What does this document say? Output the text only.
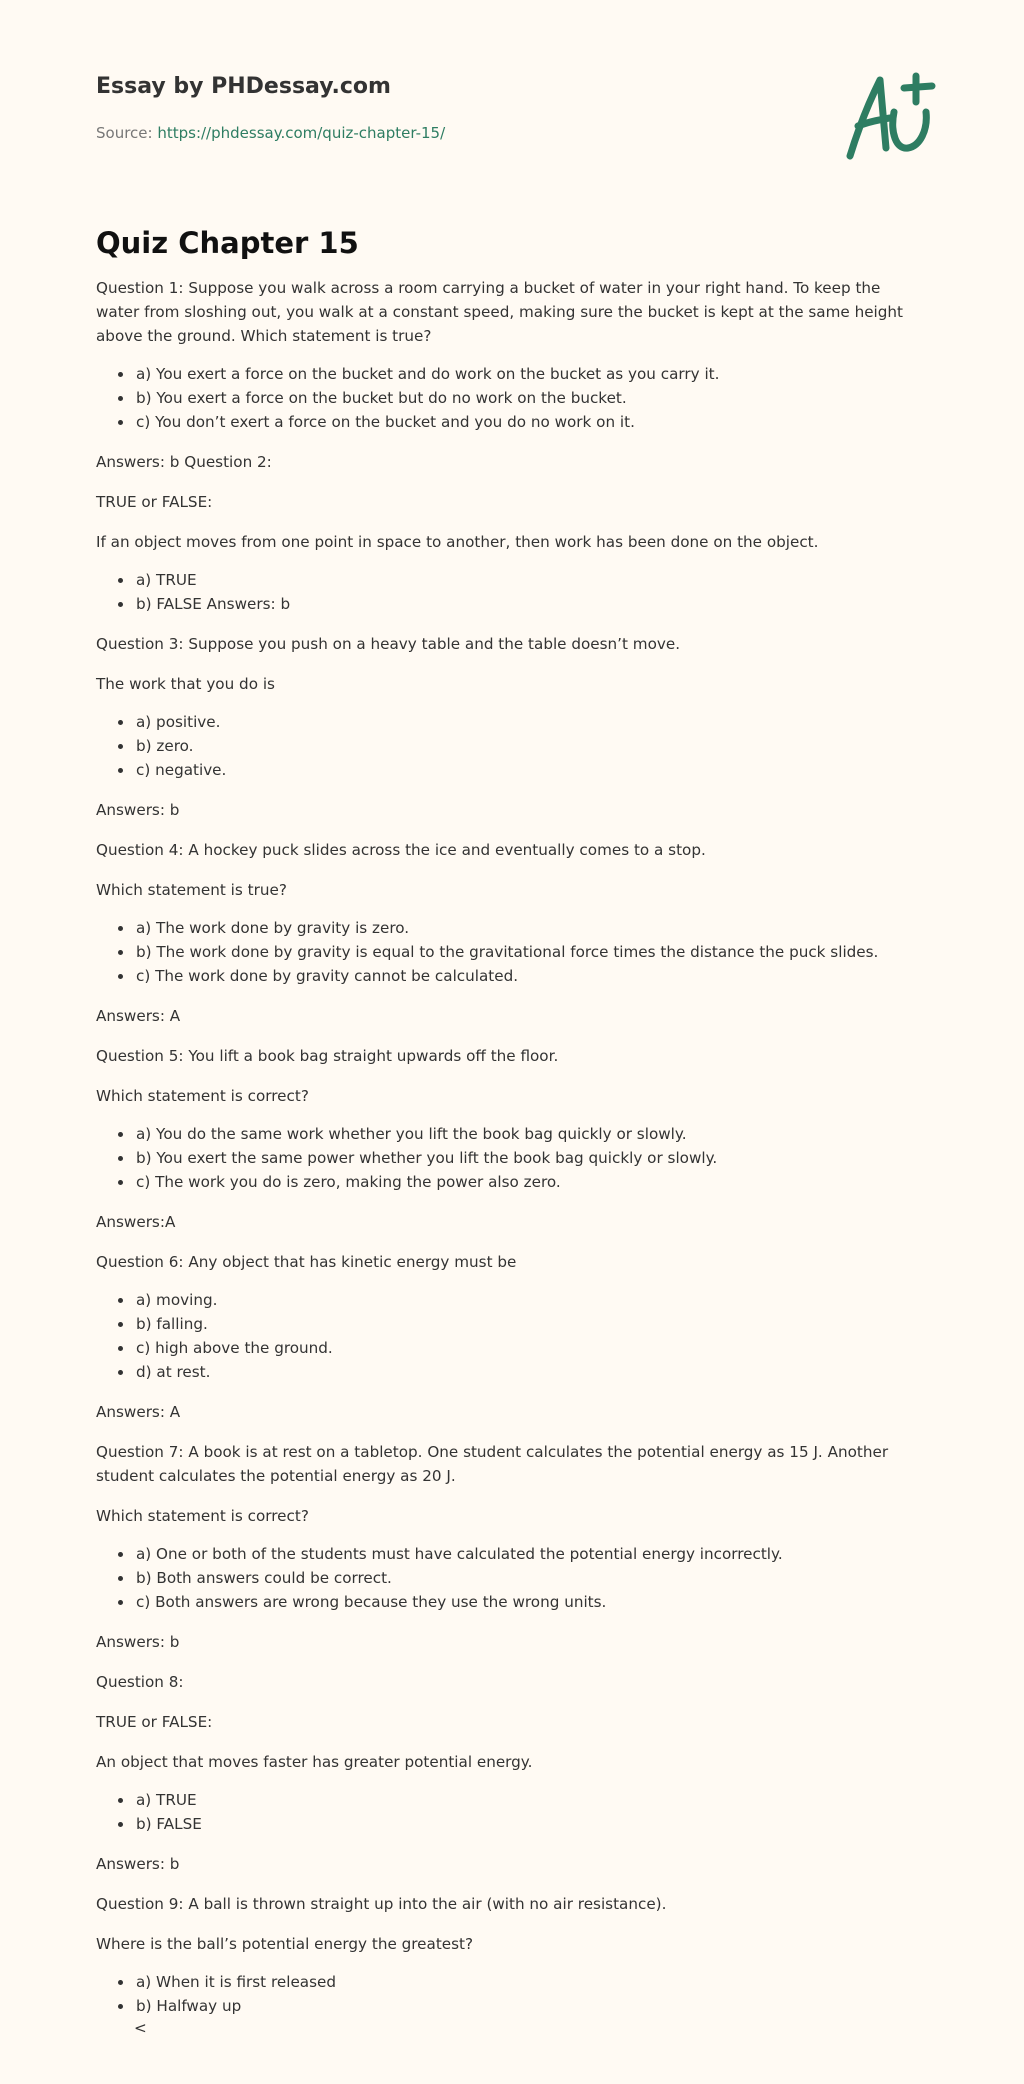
Essay by PHDessay.com
Source: https://phdessay.com/quiz-chapter-15/
Quiz Chapter 15

Question 1: Suppose you walk across a room carrying a bucket of water in your right hand. To keep the water from sloshing out, you walk at a constant speed, making sure the bucket is kept at the same height above the ground. Which statement is true?

• a) You exert a force on the bucket and do work on the bucket as you carry it.
• b) You exert a force on the bucket but do no work on the bucket.
• c) You don’t exert a force on the bucket and you do no work on it.

Answers: b Question 2:

TRUE or FALSE:

If an object moves from one point in space to another, then work has been done on the object.

• a) TRUE
• b) FALSE Answers: b

Question 3: Suppose you push on a heavy table and the table doesn’t move.

The work that you do is

• a) positive.
• b) zero.
• c) negative.

Answers: b

Question 4: A hockey puck slides across the ice and eventually comes to a stop.

Which statement is true?

• a) The work done by gravity is zero.
• b) The work done by gravity is equal to the gravitational force times the distance the puck slides.
• c) The work done by gravity cannot be calculated.

Answers: A

Question 5: You lift a book bag straight upwards off the floor.

Which statement is correct?

• a) You do the same work whether you lift the book bag quickly or slowly.
• b) You exert the same power whether you lift the book bag quickly or slowly.
• c) The work you do is zero, making the power also zero.

Answers:A

Question 6: Any object that has kinetic energy must be

• a) moving.
• b) falling.
• c) high above the ground.
• d) at rest.

Answers: A

Question 7: A book is at rest on a tabletop. One student calculates the potential energy as 15 J. Another student calculates the potential energy as 20 J.

Which statement is correct?

• a) One or both of the students must have calculated the potential energy incorrectly.
• b) Both answers could be correct.
• c) Both answers are wrong because they use the wrong units.

Answers: b

Question 8:

TRUE or FALSE:

An object that moves faster has greater potential energy.

• a) TRUE
• b) FALSE

Answers: b

Question 9: A ball is thrown straight up into the air (with no air resistance).

Where is the ball’s potential energy the greatest?

• a) When it is first released
• b) Halfway up
<
